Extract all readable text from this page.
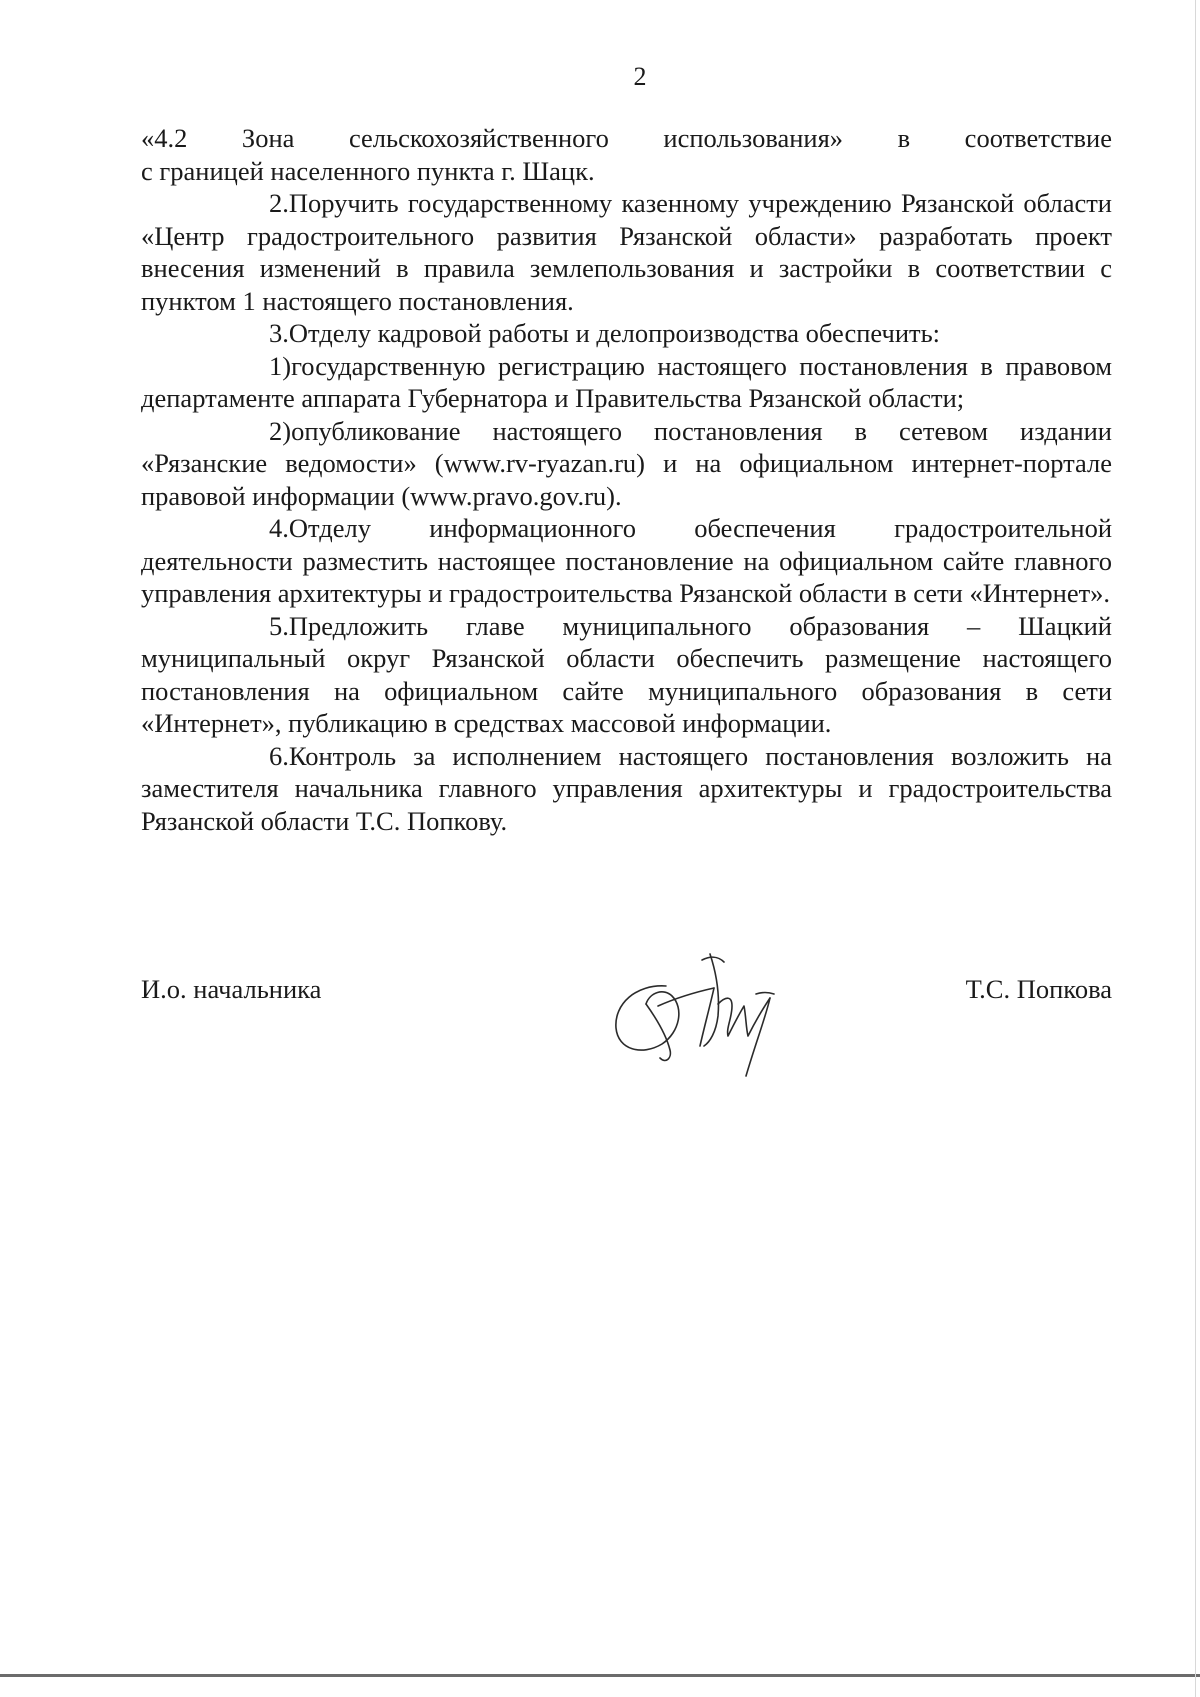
2

«4.2 Зона сельскохозяйственного использования» в соответствие

с границей населенного пункта г. Шацк.

2.Поручить государственному казенному учреждению Рязанской области «Центр градостроительного развития Рязанской области» разработать проект внесения изменений в правила землепользования и застройки в соответствии с пунктом 1 настоящего постановления.

3.Отделу кадровой работы и делопроизводства обеспечить:

1)государственную регистрацию настоящего постановления в правовом департаменте аппарата Губернатора и Правительства Рязанской области;

2)опубликование настоящего постановления в сетевом издании «Рязанские ведомости» (www.rv-ryazan.ru) и на официальном интернет-портале правовой информации (www.pravo.gov.ru).

4.Отделу информационного обеспечения градостроительной деятельности разместить настоящее постановление на официальном сайте главного управления архитектуры и градостроительства Рязанской области в сети «Интернет».

5.Предложить главе муниципального образования – Шацкий муниципальный округ Рязанской области обеспечить размещение настоящего постановления на официальном сайте муниципального образования в сети «Интернет», публикацию в средствах массовой информации.

6.Контроль за исполнением настоящего постановления возложить на заместителя начальника главного управления архитектуры и градостроительства Рязанской области Т.С. Попкову.

И.о. начальника	Т.С. Попкова
